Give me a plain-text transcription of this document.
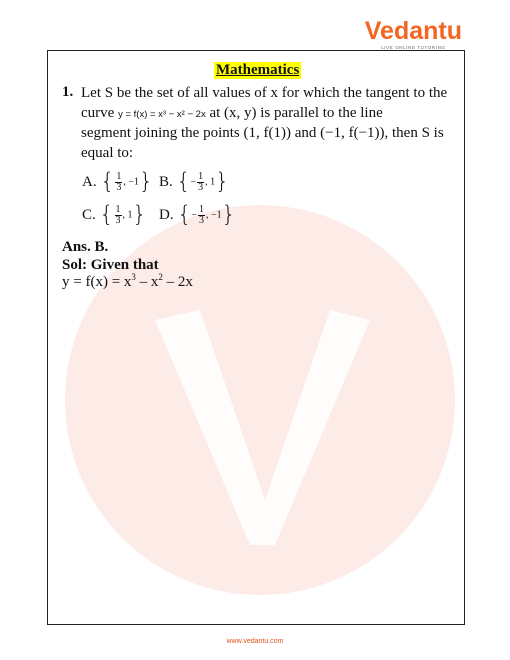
Vedantu
LIVE ONLINE TUTORING
Mathematics
1. Let S be the set of all values of x for which the tangent to the
curve y = f(x) = x³ − x² − 2x at (x, y) is parallel to the line
segment joining the points (1, f(1)) and (−1, f(−1)), then S is
equal to:
A. { $\frac{1}{3}$ , −1} B. {− $\frac{1}{3}$ , 1}
C. { $\frac{1}{3}$ , 1} D. {− $\frac{1}{3}$ , −1}
Ans. B.
Sol: Given that
$y = f(x) = x^3 - x^2 - 2x$
www.vedantu.com
